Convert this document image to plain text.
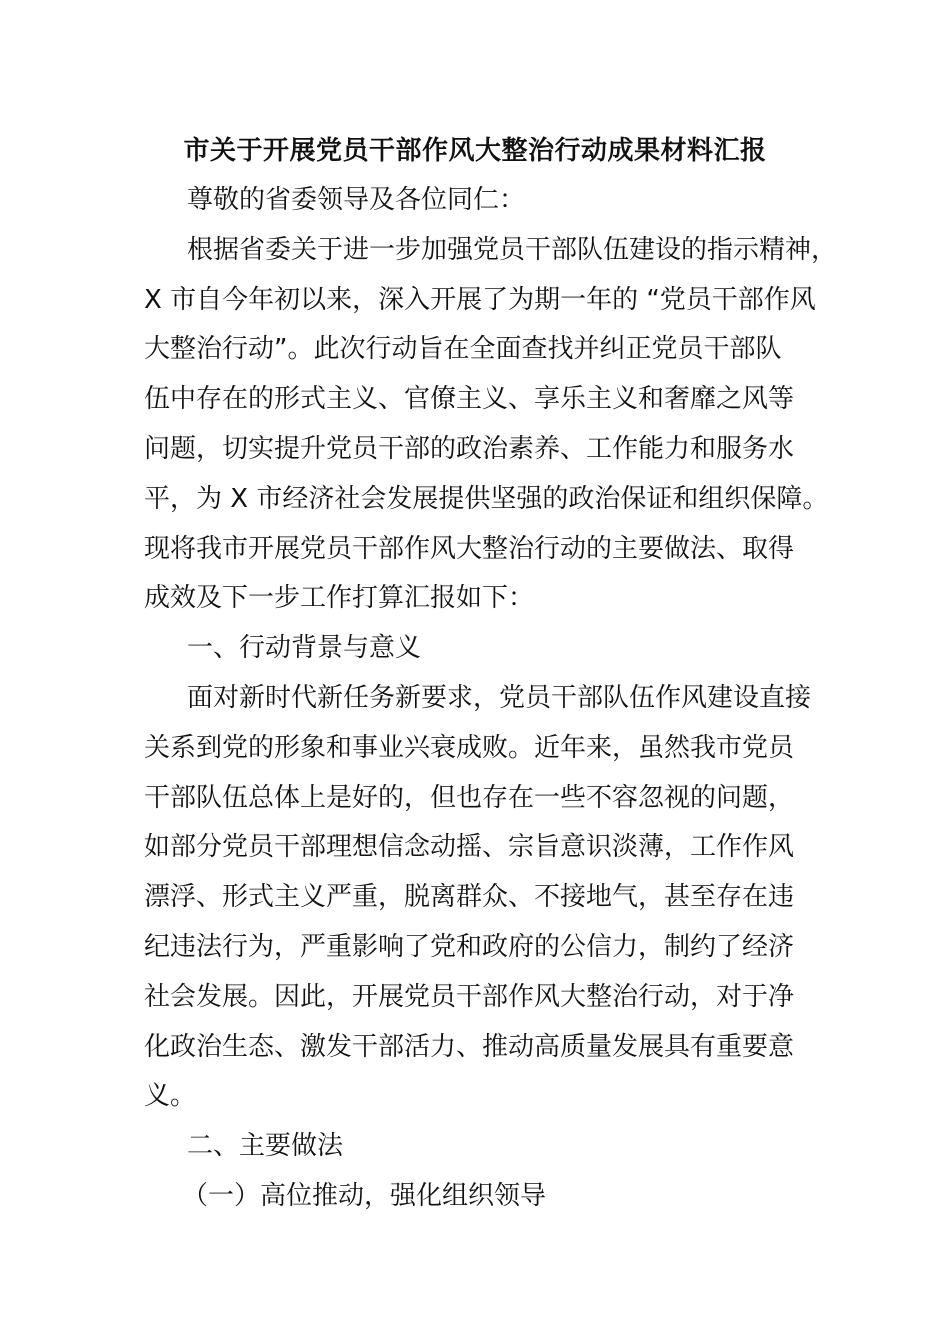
市关于开展党员干部作风大整治行动成果材料汇报
尊敬的省委领导及各位同仁：
根据省委关于进一步加强党员干部队伍建设的指示精神，
X 市自今年初以来，深入开展了为期一年的 “党员干部作风
大整治行动”。此次行动旨在全面查找并纠正党员干部队
伍中存在的形式主义、官僚主义、享乐主义和奢靡之风等
问题，切实提升党员干部的政治素养、工作能力和服务水
平，为 X 市经济社会发展提供坚强的政治保证和组织保障。
现将我市开展党员干部作风大整治行动的主要做法、取得
成效及下一步工作打算汇报如下：
一、行动背景与意义
面对新时代新任务新要求，党员干部队伍作风建设直接
关系到党的形象和事业兴衰成败。近年来，虽然我市党员
干部队伍总体上是好的，但也存在一些不容忽视的问题，
如部分党员干部理想信念动摇、宗旨意识淡薄，工作作风
漂浮、形式主义严重，脱离群众、不接地气，甚至存在违
纪违法行为，严重影响了党和政府的公信力，制约了经济
社会发展。因此，开展党员干部作风大整治行动，对于净
化政治生态、激发干部活力、推动高质量发展具有重要意
义。
二、主要做法
（一）高位推动，强化组织领导
